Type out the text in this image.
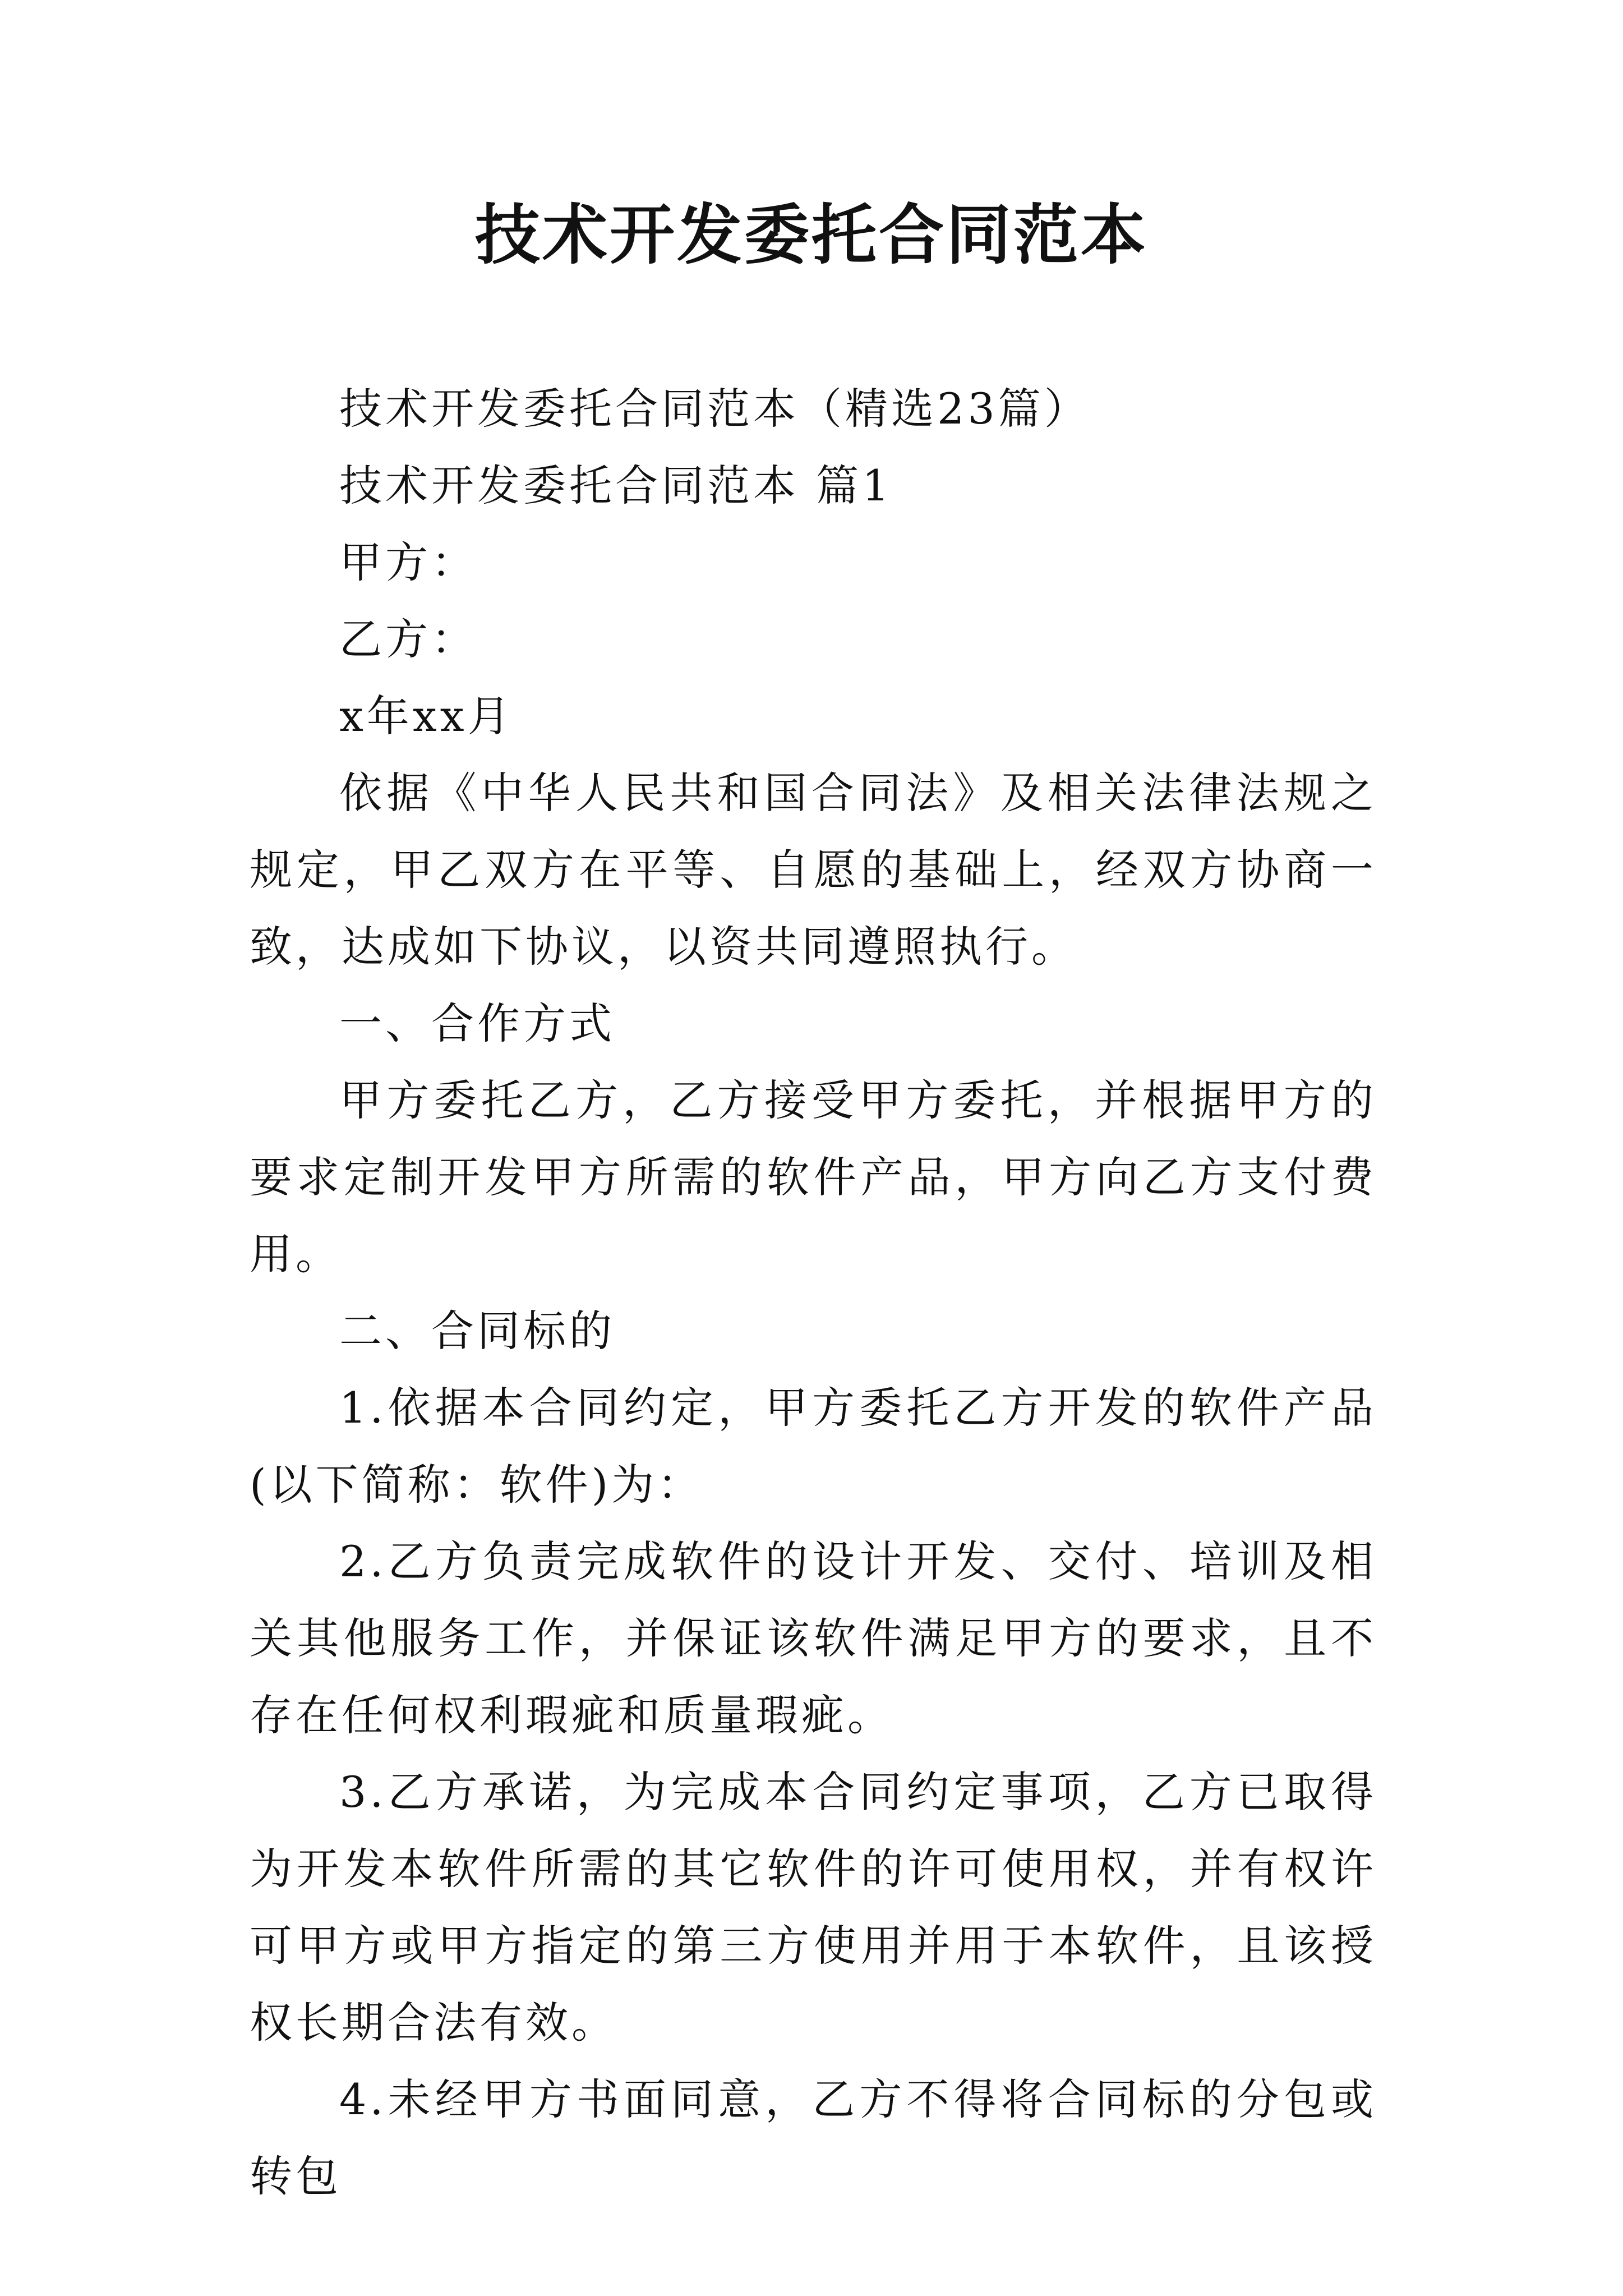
技术开发委托合同范本

技术开发委托合同范本（精选23篇）

技术开发委托合同范本 篇1

甲方：

乙方：

x年xx月

依据《中华人民共和国合同法》及相关法律法规之规定，甲乙双方在平等、自愿的基础上，经双方协商一致，达成如下协议，以资共同遵照执行。

一、合作方式

甲方委托乙方，乙方接受甲方委托，并根据甲方的要求定制开发甲方所需的软件产品，甲方向乙方支付费用。

二、合同标的

1.依据本合同约定，甲方委托乙方开发的软件产品(以下简称：软件)为：

2.乙方负责完成软件的设计开发、交付、培训及相关其他服务工作，并保证该软件满足甲方的要求，且不存在任何权利瑕疵和质量瑕疵。

3.乙方承诺，为完成本合同约定事项，乙方已取得为开发本软件所需的其它软件的许可使用权，并有权许可甲方或甲方指定的第三方使用并用于本软件，且该授权长期合法有效。

4.未经甲方书面同意，乙方不得将合同标的分包或转包
